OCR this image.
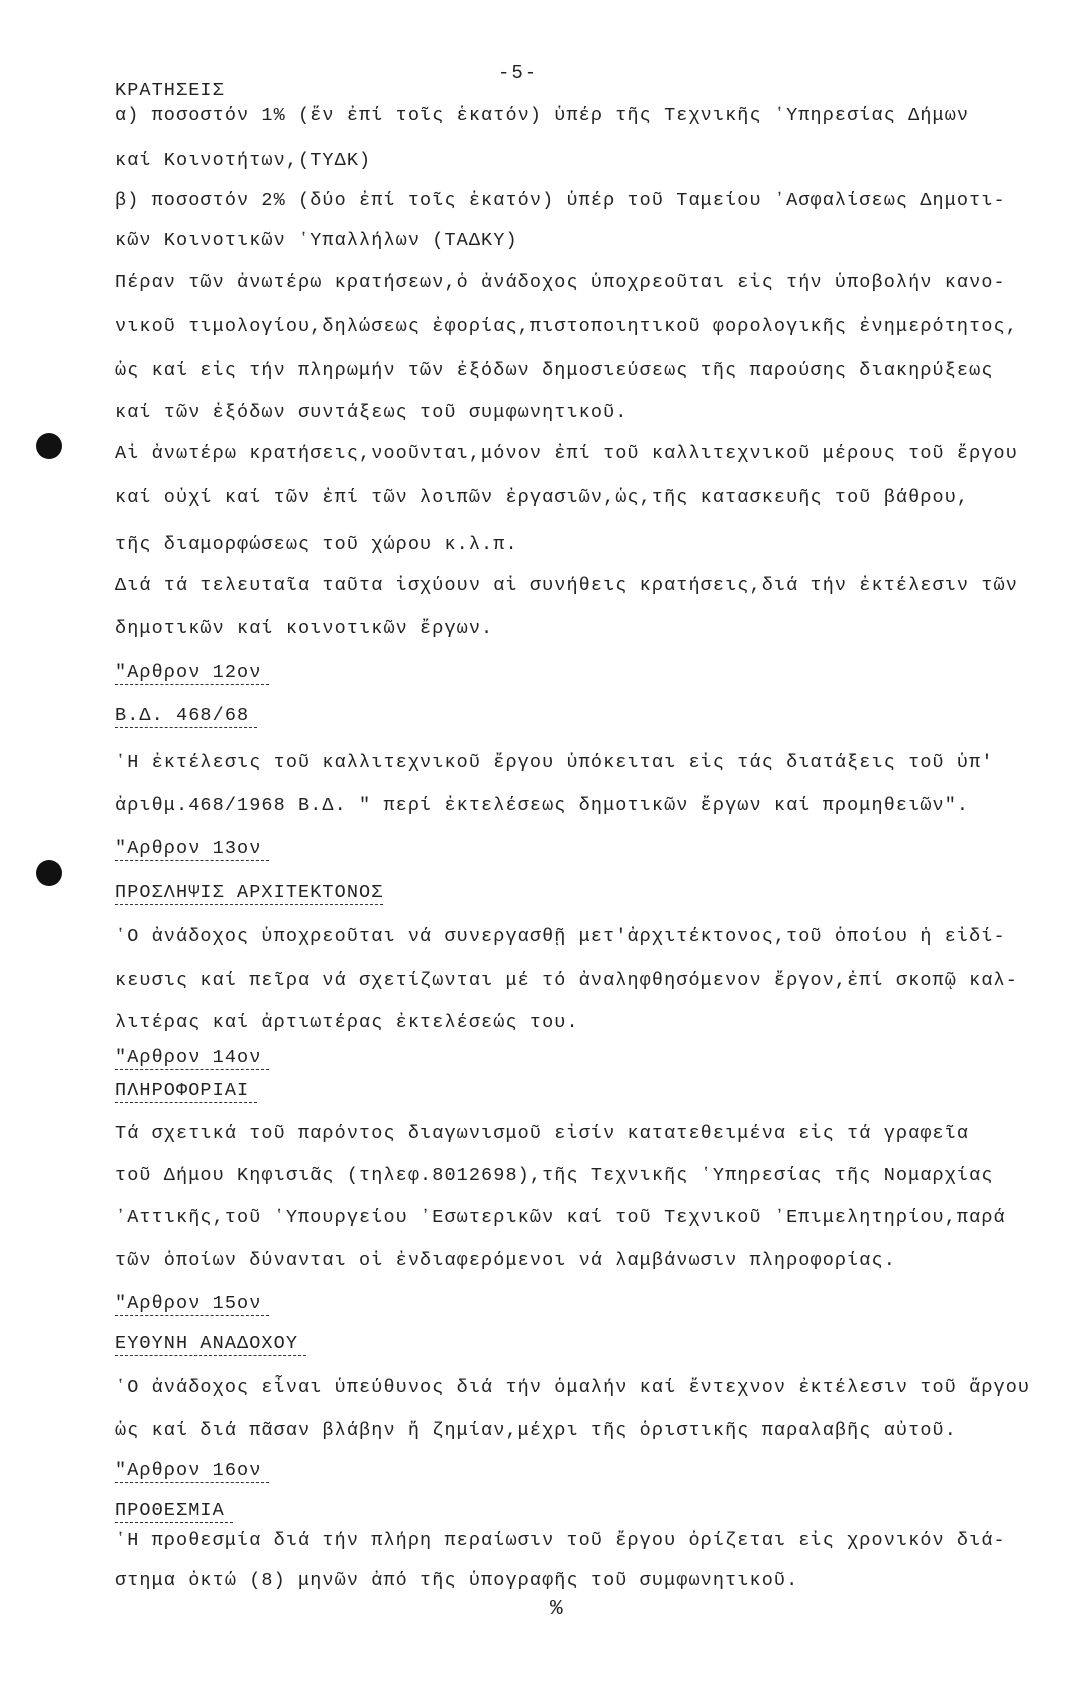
-5-
ΚΡΑΤΗΣΕΙΣ
α) ποσοστόν 1% (ἕν ἐπί τοῖς ἑκατόν) ὑπέρ τῆς Τεχνικῆς ʽΥπηρεσίας Δήμων
καί Κοινοτήτων,(ΤΥΔΚ)
β) ποσοστόν 2% (δύο ἐπί τοῖς ἑκατόν) ὑπέρ τοῦ Ταμείου ʼΑσφαλίσεως Δημοτι-
κῶν Κοινοτικῶν ʽΥπαλλήλων (ΤΑΔΚΥ)
Πέραν τῶν ἀνωτέρω κρατήσεων,ὁ ἀνάδοχος ὑποχρεοῦται εἰς τήν ὑποβολήν κανο-
νικοῦ τιμολογίου,δηλώσεως ἐφορίας,πιστοποιητικοῦ φορολογικῆς ἐνημερότητος,
ὡς καί εἰς τήν πληρωμήν τῶν ἐξόδων δημοσιεύσεως τῆς παρούσης διακηρύξεως
καί τῶν ἐξόδων συντάξεως τοῦ συμφωνητικοῦ.
Αἱ ἀνωτέρω κρατήσεις,νοοῦνται,μόνον ἐπί τοῦ καλλιτεχνικοῦ μέρους τοῦ ἔργου
καί οὐχί καί τῶν ἐπί τῶν λοιπῶν ἐργασιῶν,ὡς,τῆς κατασκευῆς τοῦ βάθρου,
τῆς διαμορφώσεως τοῦ χώρου κ.λ.π.
Διά τά τελευταῖα ταῦτα ἰσχύουν αἱ συνήθεις κρατήσεις,διά τήν ἐκτέλεσιν τῶν
δημοτικῶν καί κοινοτικῶν ἔργων.
"Αρθρον 12ον
Β.Δ. 468/68
ʽΗ ἐκτέλεσις τοῦ καλλιτεχνικοῦ ἔργου ὑπόκειται εἰς τάς διατάξεις τοῦ ὑπ'
ἀριθμ.468/1968 Β.Δ. " περί ἐκτελέσεως δημοτικῶν ἔργων καί προμηθειῶν".
"Αρθρον 13ον
ΠΡΟΣΛΗΨΙΣ ΑΡΧΙΤΕΚΤΟΝΟΣ
ʽΟ ἀνάδοχος ὑποχρεοῦται νά συνεργασθῇ μετ'ἀρχιτέκτονος,τοῦ ὁποίου ἡ εἰδί-
κευσις καί πεῖρα νά σχετίζωνται μέ τό ἀναληφθησόμενον ἔργον,ἐπί σκοπῷ καλ-
λιτέρας καί ἀρτιωτέρας ἐκτελέσεώς του.
"Αρθρον 14ον
ΠΛΗΡΟΦΟΡΙΑΙ
Τά σχετικά τοῦ παρόντος διαγωνισμοῦ εἰσίν κατατεθειμένα εἰς τά γραφεῖα
τοῦ Δήμου Κηφισιᾶς (τηλεφ.8012698),τῆς Τεχνικῆς ʽΥπηρεσίας τῆς Νομαρχίας
ʼΑττικῆς,τοῦ ʽΥπουργείου ʼΕσωτερικῶν καί τοῦ Τεχνικοῦ ʼΕπιμελητηρίου,παρά
τῶν ὁποίων δύνανται οἱ ἐνδιαφερόμενοι νά λαμβάνωσιν πληροφορίας.
"Αρθρον 15ον
ΕΥΘΥΝΗ ΑΝΑΔΟΧΟΥ
ʽΟ ἀνάδοχος εἶναι ὑπεύθυνος διά τήν ὁμαλήν καί ἔντεχνον ἐκτέλεσιν τοῦ ἄργου
ὡς καί διά πᾶσαν βλάβην ἤ ζημίαν,μέχρι τῆς ὁριστικῆς παραλαβῆς αὐτοῦ.
"Αρθρον 16ον
ΠΡΟΘΕΣΜΙΑ
ʽΗ προθεσμία διά τήν πλήρη περαίωσιν τοῦ ἔργου ὁρίζεται εἰς χρονικόν διά-
στημα ὀκτώ (8) μηνῶν ἀπό τῆς ὑπογραφῆς τοῦ συμφωνητικοῦ.
%
